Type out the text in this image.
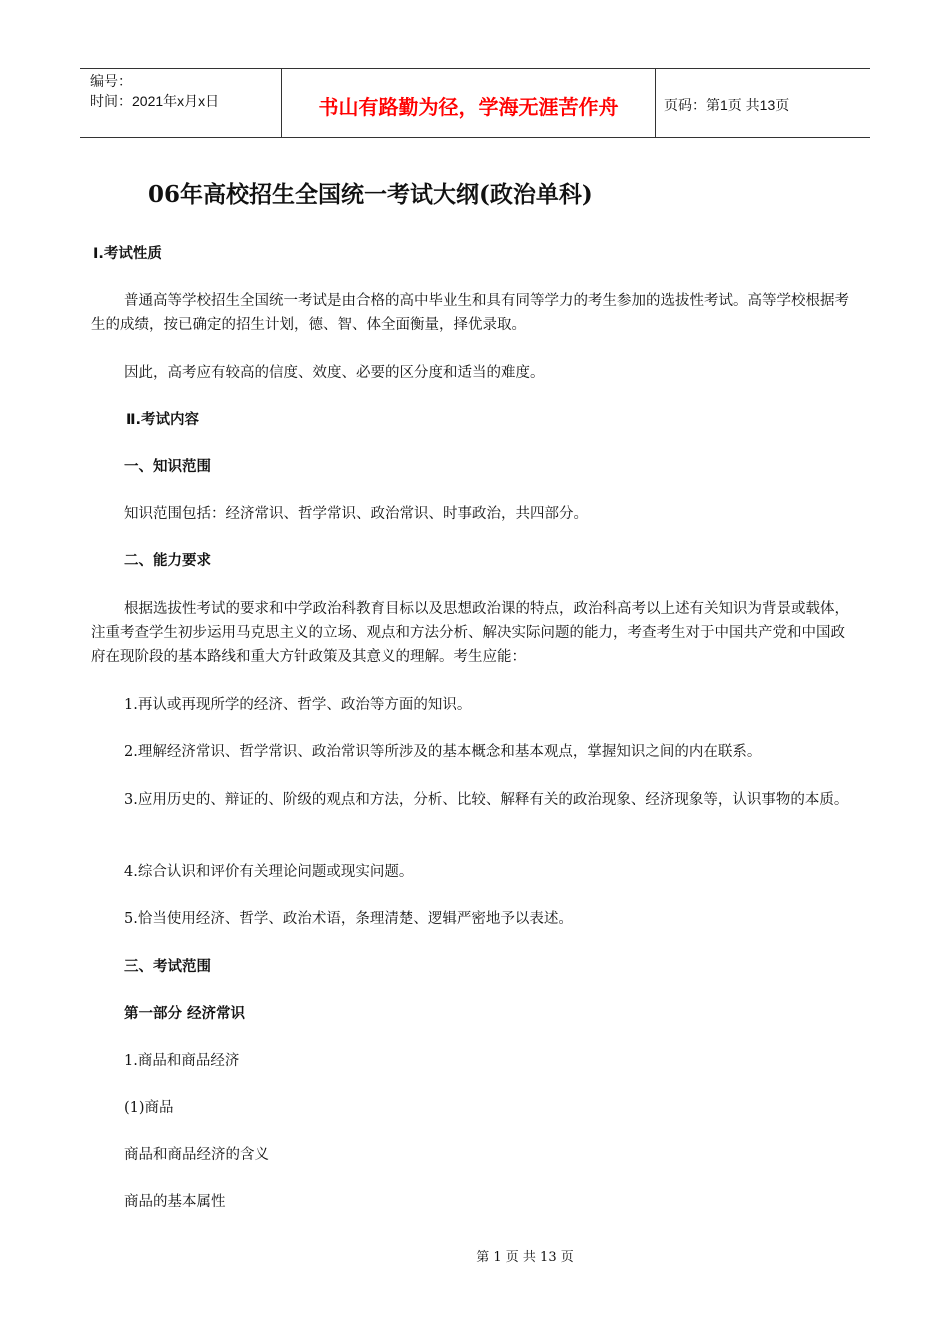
编号：
时间：2021年x月x日	书山有路勤为径，学海无涯苦作舟	页码：第1页 共13页
06年高校招生全国统一考试大纲(政治单科)

Ⅰ.考试性质

普通高等学校招生全国统一考试是由合格的高中毕业生和具有同等学力的考生参加的选拔性考试。高等学校根据考生的成绩，按已确定的招生计划，德、智、体全面衡量，择优录取。

因此，高考应有较高的信度、效度、必要的区分度和适当的难度。

Ⅱ.考试内容

一、知识范围

知识范围包括：经济常识、哲学常识、政治常识、时事政治，共四部分。

二、能力要求

根据选拔性考试的要求和中学政治科教育目标以及思想政治课的特点，政治科高考以上述有关知识为背景或载体，注重考查学生初步运用马克思主义的立场、观点和方法分析、解决实际问题的能力，考查考生对于中国共产党和中国政府在现阶段的基本路线和重大方针政策及其意义的理解。考生应能：

1.再认或再现所学的经济、哲学、政治等方面的知识。

2.理解经济常识、哲学常识、政治常识等所涉及的基本概念和基本观点，掌握知识之间的内在联系。

3.应用历史的、辩证的、阶级的观点和方法，分析、比较、解释有关的政治现象、经济现象等，认识事物的本质。

4.综合认识和评价有关理论问题或现实问题。

5.恰当使用经济、哲学、政治术语，条理清楚、逻辑严密地予以表述。

三、考试范围

第一部分 经济常识

1.商品和商品经济

(1)商品

商品和商品经济的含义

商品的基本属性

第 1 页 共 13 页
